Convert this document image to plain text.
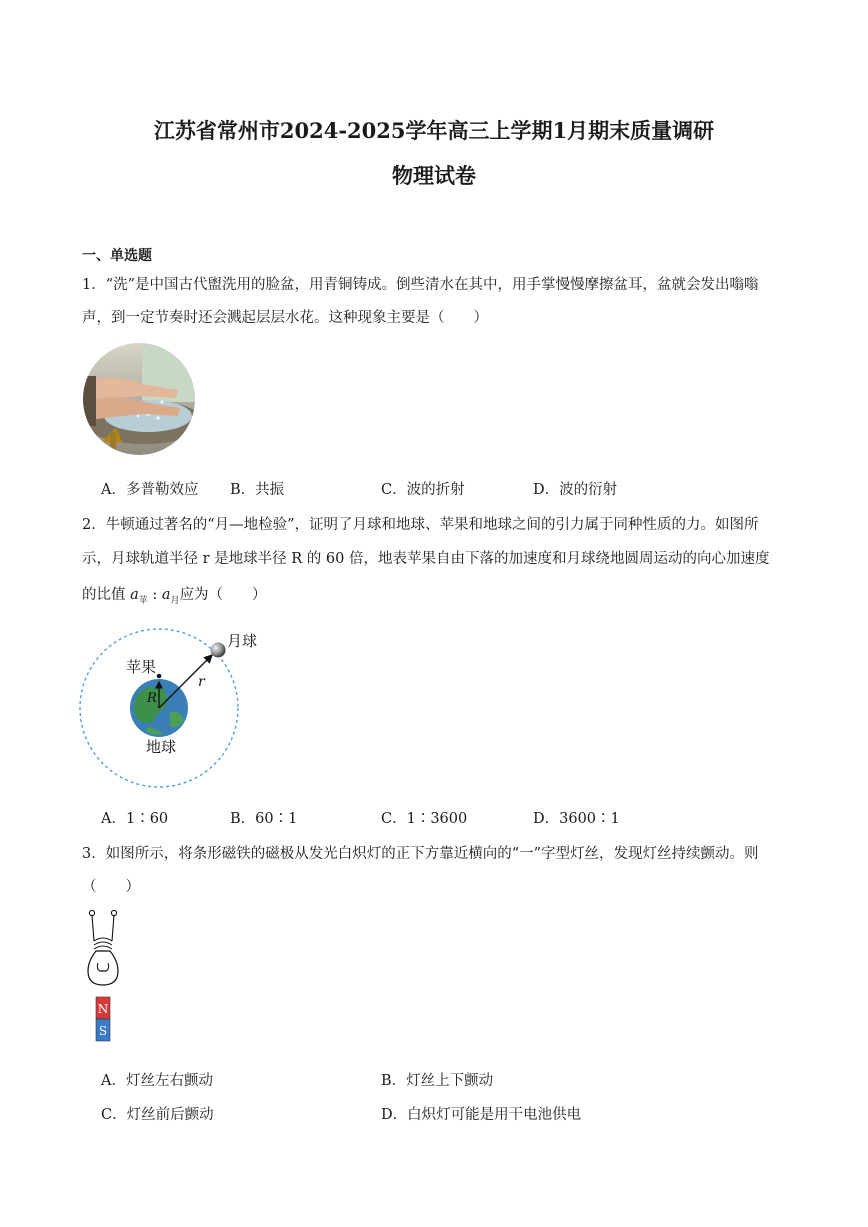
江苏省常州市2024-2025学年高三上学期1月期末质量调研
物理试卷
一、单选题
1．“洗”是中国古代盥洗用的脸盆，用青铜铸成。倒些清水在其中，用手掌慢慢摩擦盆耳，盆就会发出嗡嗡
声，到一定节奏时还会溅起层层水花。这种现象主要是（　　）
A．多普勒效应 B．共振	C．波的折射	D．波的衍射
2．牛顿通过著名的“月—地检验”，证明了月球和地球、苹果和地球之间的引力属于同种性质的力。如图所
示，月球轨道半径 r 是地球半径 R 的 60 倍，地表苹果自由下落的加速度和月球绕地圆周运动的向心加速度
的比值 $a_苹$ : $a_月$应为（　　）
月球
苹果
地球
r
R
A．1∶60	B．60∶1	C．1∶3600	D．3600∶1
3．如图所示，将条形磁铁的磁极从发光白炽灯的正下方靠近横向的“一”字型灯丝，发现灯丝持续颤动。则
（　　）
N
S
A．灯丝左右颤动	B．灯丝上下颤动
C．灯丝前后颤动	D．白炽灯可能是用干电池供电
